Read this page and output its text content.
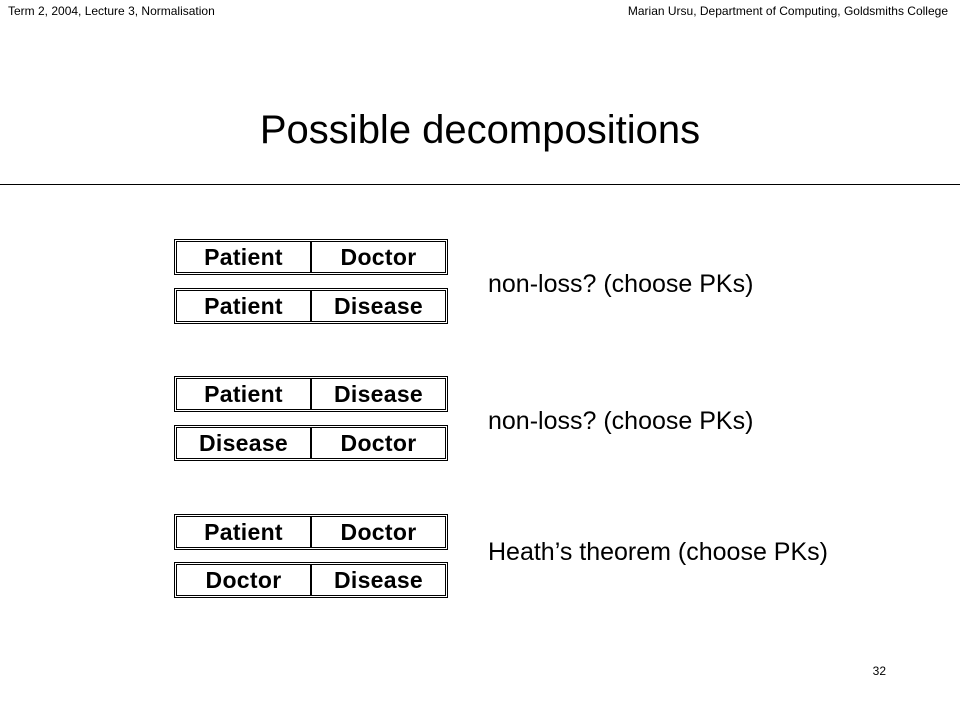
Term 2, 2004, Lecture 3, Normalisation	Marian Ursu, Department of Computing, Goldsmiths College
Possible decompositions
Patient	Doctor
Patient	Disease
non-loss? (choose PKs)
Patient	Disease
Disease	Doctor
non-loss? (choose PKs)
Patient	Doctor
Doctor	Disease
Heath’s theorem (choose PKs)
32
